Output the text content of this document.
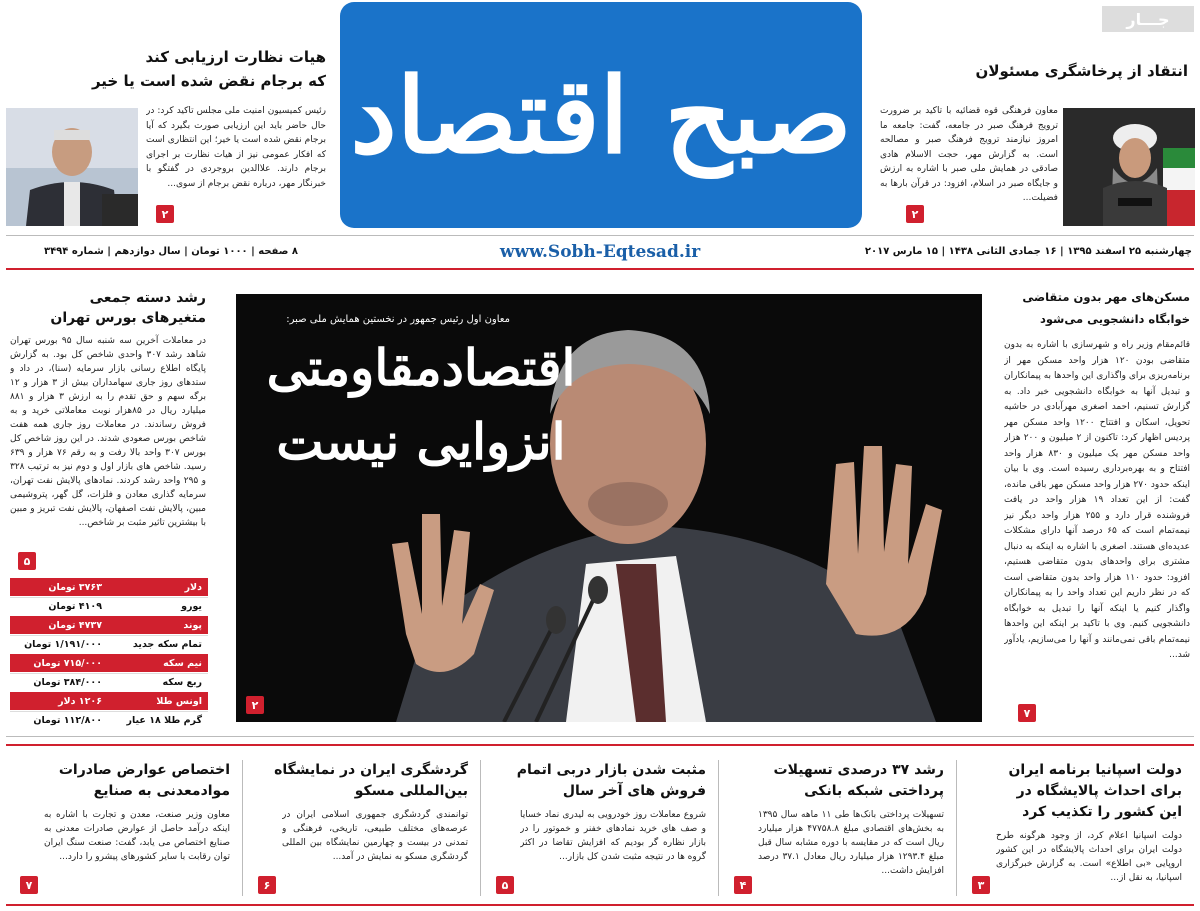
جـــار
صبح اقتصاد	انتقاد از پرخاشگری مسئولان
معاون فرهنگی قوه قضائیه با تاکید بر ضرورت ترویج فرهنگ صبر در جامعه، گفت: جامعه ما امروز نیازمند ترویج فرهنگ صبر و مصالحه است. به گزارش مهر، حجت الاسلام هادی صادقی در همایش ملی صبر با اشاره به ارزش و جایگاه صبر در اسلام، افزود: در قرآن بارها به فضیلت...
۲
هیات نظارت ارزیابی کند
که برجام نقض شده است یا خیر
رئیس کمیسیون امنیت ملی مجلس تاکید کرد: در حال حاضر باید این ارزیابی صورت بگیرد که آیا برجام نقض شده است یا خیر؛ این انتظاری است که افکار عمومی نیز از هیات نظارت بر اجرای برجام دارند. علاالدین بروجردی در گفتگو با خبرنگار مهر، درباره نقض برجام از سوی...
۲
چهارشنبه ۲۵ اسفند ۱۳۹۵ | ۱۶ جمادی الثانی ۱۴۳۸ | ۱۵ مارس ۲۰۱۷
www.Sobh-Eqtesad.ir
۸ صفحه | ۱۰۰۰ تومان | سال دوازدهم | شماره ۳۴۹۴
رشد دسته جمعی
متغیرهای بورس تهران
در معاملات آخرین سه شنبه سال ۹۵ بورس تهران شاهد رشد ۳۰۷ واحدی شاخص کل بود. به گزارش پایگاه اطلاع رسانی بازار سرمایه (سنا)، در داد و ستدهای روز جاری سهامداران بیش از ۳ هزار و ۱۲ برگه سهم و حق تقدم را به ارزش ۳ هزار و ۸۸۱ میلیارد ریال در ۸۵هزار نوبت معاملاتی خرید و به فروش رساندند. در معاملات روز جاری همه هفت شاخص بورس صعودی شدند. در این روز شاخص کل بورس ۳۰۷ واحد بالا رفت و به رقم ۷۶ هزار و ۶۳۹ رسید. شاخص های بازار اول و دوم نیز به ترتیب ۳۲۸ و ۲۹۵ واحد رشد کردند. نمادهای پالایش نفت تهران، سرمایه گذاری معادن و فلزات، گل گهر، پتروشیمی مبین، پالایش نفت اصفهان، پالایش نفت تبریز و مبین با بیشترین تاثیر مثبت بر شاخص...
۵
دلار
۳۷۶۳ تومان
یورو
۴۱۰۹ تومان
پوند
۴۷۳۷ تومان
تمام سکه جدید
۱/۱۹۱/۰۰۰ تومان
نیم سکه
۷۱۵/۰۰۰ تومان
ربع سکه
۳۸۴/۰۰۰ تومان
اونس طلا
۱۲۰۶ دلار
گرم طلا ۱۸ عیار
۱۱۲/۸۰۰ تومان
معاون اول رئیس جمهور در نخستین همایش ملی صبر:
اقتصادمقاومتی
انزوایی نیست
۲
مسکن‌های مهر بدون متقاضی
خوابگاه دانشجویی می‌شود
قائم‌مقام وزیر راه و شهرسازی با اشاره به بدون متقاضی بودن ۱۲۰ هزار واحد مسکن مهر از برنامه‌ریزی برای واگذاری این واحدها به پیمانکاران و تبدیل آنها به خوابگاه دانشجویی خبر داد. به گزارش تسنیم، احمد اصغری مهرآبادی در حاشیه تحویل، اسکان و افتتاح ۱۲۰۰ واحد مسکن مهر پردیس اظهار کرد: تاکنون از ۲ میلیون و ۲۰۰ هزار واحد مسکن مهر یک میلیون و ۸۳۰ هزار واحد افتتاح و به بهره‌برداری رسیده است. وی با بیان اینکه حدود ۲۷۰ هزار واحد مسکن مهر باقی مانده، گفت: از این تعداد ۱۹ هزار واحد در یافت فروشنده قرار دارد و ۲۵۵ هزار واحد دیگر نیز نیمه‌تمام است که ۶۵ درصد آنها دارای مشکلات عدیده‌ای هستند. اصغری با اشاره به اینکه به دنبال مشتری برای واحدهای بدون متقاضی هستیم، افزود: حدود ۱۱۰ هزار واحد بدون متقاضی است که در نظر داریم این تعداد واحد را به پیمانکاران واگذار کنیم یا اینکه آنها را تبدیل به خوابگاه دانشجویی کنیم. وی با تاکید بر اینکه این واحدها نیمه‌تمام باقی نمی‌مانند و آنها را می‌سازیم، یادآور شد...
۷
دولت اسپانیا برنامه ایران
برای احداث پالایشگاه در
این کشور را تکذیب کرد
دولت اسپانیا اعلام کرد، از وجود هرگونه طرح دولت ایران برای احداث پالایشگاه در این کشور اروپایی «بی اطلاع» است. به گزارش خبرگزاری اسپانیا، به نقل از...
۳
رشد ۳۷ درصدی تسهیلات
پرداختی شبکه بانکی
تسهیلات پرداختی بانک‌ها طی ۱۱ ماهه سال ۱۳۹۵ به بخش‌های اقتصادی مبلغ ۴۷۷۵۸.۸ هزار میلیارد ریال است که در مقایسه با دوره مشابه سال قبل مبلغ ۱۲۹۳.۴ هزار میلیارد ریال معادل ۳۷.۱ درصد افزایش داشت...
۴
مثبت شدن بازار دربی اتمام
فروش های آخر سال
شروع معاملات روز خودرویی به لیدری نماد خسایا و صف های خرید نمادهای خفنر و خموتور را در بازار نظاره گر بودیم که افزایش تقاضا در اکثر گروه ها در نتیجه مثبت شدن کل بازار...
۵
گردشگری ایران در نمایشگاه
بین‌المللی مسکو
توانمندی گردشگری جمهوری اسلامی ایران در عرصه‌های مختلف طبیعی، تاریخی، فرهنگی و تمدنی در بیست و چهارمین نمایشگاه بین المللی گردشگری مسکو به نمایش در آمد...
۶
اختصاص عوارض صادرات
موادمعدنی به صنایع
معاون وزیر صنعت، معدن و تجارت با اشاره به اینکه درآمد حاصل از عوارض صادرات معدنی به صنایع اختصاص می یابد، گفت: صنعت سنگ ایران توان رقابت با سایر کشورهای پیشرو را دارد...
۷
